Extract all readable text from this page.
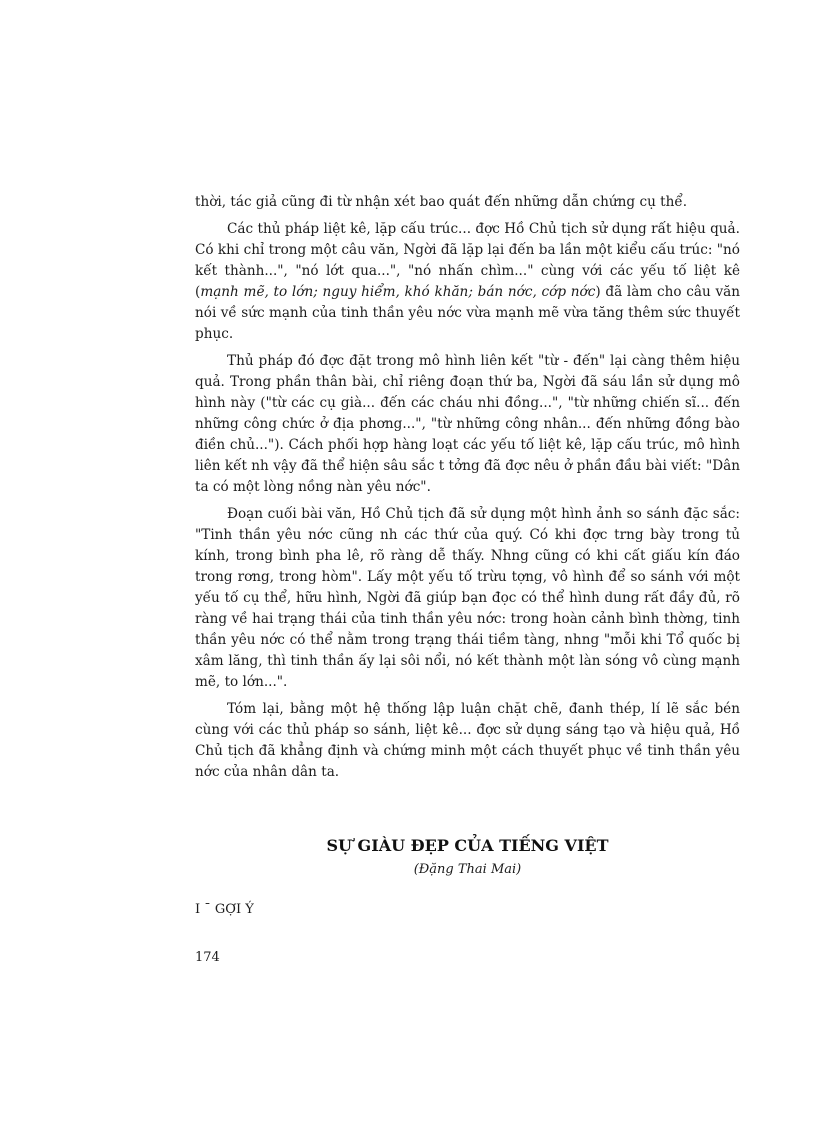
thời, tác giả cũng đi từ nhận xét bao quát đến những dẫn chứng cụ thể.

Các thủ pháp liệt kê, lặp cấu trúc... đợc Hồ Chủ tịch sử dụng rất hiệu quả. Có khi chỉ trong một câu văn, Ngời đã lặp lại đến ba lần một kiểu cấu trúc: "nó kết thành...", "nó lớt qua...", "nó nhấn chìm..." cùng với các yếu tố liệt kê (mạnh mẽ, to lớn; nguy hiểm, khó khăn; bán nớc, cớp nớc) đã làm cho câu văn nói về sức mạnh của tinh thần yêu nớc vừa mạnh mẽ vừa tăng thêm sức thuyết phục.

Thủ pháp đó đợc đặt trong mô hình liên kết "từ - đến" lại càng thêm hiệu quả. Trong phần thân bài, chỉ riêng đoạn thứ ba, Ngời đã sáu lần sử dụng mô hình này ("từ các cụ già... đến các cháu nhi đồng...", "từ những chiến sĩ... đến những công chức ở địa phơng...", "từ những công nhân... đến những đồng bào điền chủ..."). Cách phối hợp hàng loạt các yếu tố liệt kê, lặp cấu trúc, mô hình liên kết nh vậy đã thể hiện sâu sắc t tởng đã đợc nêu ở phần đầu bài viết: "Dân ta có một lòng nồng nàn yêu nớc".

Đoạn cuối bài văn, Hồ Chủ tịch đã sử dụng một hình ảnh so sánh đặc sắc: "Tinh thần yêu nớc cũng nh các thứ của quý. Có khi đợc trng bày trong tủ kính, trong bình pha lê, rõ ràng dễ thấy. Nhng cũng có khi cất giấu kín đáo trong rơng, trong hòm". Lấy một yếu tố trừu tợng, vô hình để so sánh với một yếu tố cụ thể, hữu hình, Ngời đã giúp bạn đọc có thể hình dung rất đầy đủ, rõ ràng về hai trạng thái của tinh thần yêu nớc: trong hoàn cảnh bình thờng, tinh thần yêu nớc có thể nằm trong trạng thái tiềm tàng, nhng "mỗi khi Tổ quốc bị xâm lăng, thì tinh thần ấy lại sôi nổi, nó kết thành một làn sóng vô cùng mạnh mẽ, to lớn...".

Tóm lại, bằng một hệ thống lập luận chặt chẽ, đanh thép, lí lẽ sắc bén cùng với các thủ pháp so sánh, liệt kê... đợc sử dụng sáng tạo và hiệu quả, Hồ Chủ tịch đã khẳng định và chứng minh một cách thuyết phục về tinh thần yêu nớc của nhân dân ta.

SỰ GIÀU ĐẸP CỦA TIẾNG VIỆT
(Đặng Thai Mai)
I ¯ GỢI Ý
174
